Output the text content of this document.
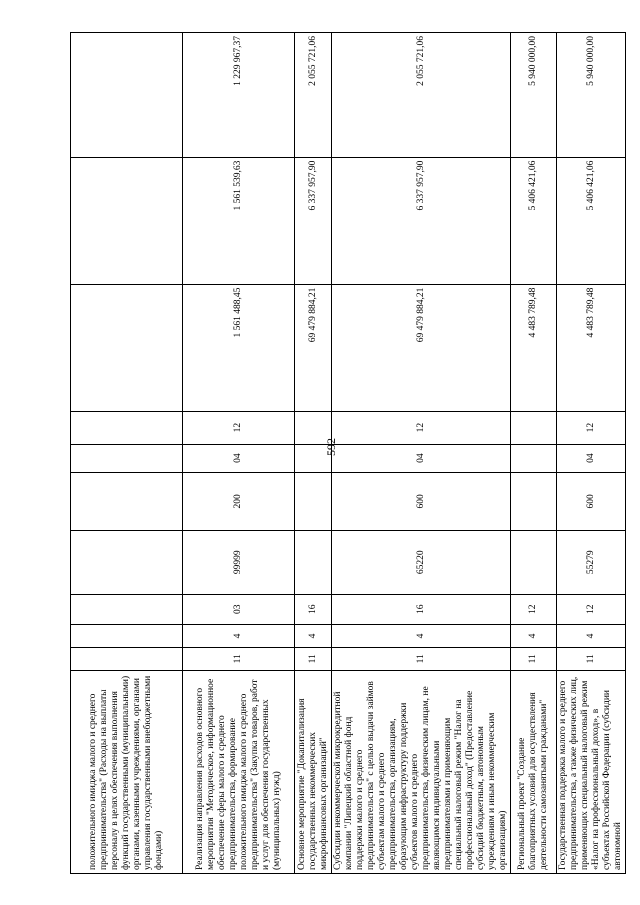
592
положительного имиджа малого и среднего предпринимательства" (Расходы на выплаты персоналу в целях обеспечения выполнения функций государственными (муниципальными) органами, казенными учреждениями, органами управления государственными внебюджетными фондами)										
Реализация направления расходов основного мероприятия "Методическое, информационное обеспечение сферы малого и среднего предпринимательства, формирование положительного имиджа малого и среднего предпринимательства" (Закупка товаров, работ и услуг для обеспечения государственных (муниципальных) нужд)	11	4	03	99999	200	04	12	1 561 488,45	1 561 539,63	1 229 967,37
Основное мероприятие "Докапитализация государственных некоммерческих микрофинансовых организаций"	11	4	16					69 479 884,21	6 337 957,90	2 055 721,06
Субсидии некоммерческой микрокредитной компании "Липецкий областной фонд поддержки малого и среднего предпринимательства" с целью выдачи займов субъектам малого и среднего предпринимательства, организациям, образующим инфраструктуру поддержки субъектов малого и среднего предпринимательства, физическим лицам, не являющимся индивидуальными предпринимателями и применяющим специальный налоговый режим "Налог на профессиональный доход" (Предоставление субсидий бюджетным, автономным учреждениям и иным некоммерческим организациям)	11	4	16	65220	600	04	12	69 479 884,21	6 337 957,90	2 055 721,06
Региональный проект "Создание благоприятных условий для осуществления деятельности самозанятыми гражданами"	11	4	12					4 483 789,48	5 406 421,06	5 940 000,00
Государственная поддержка малого и среднего предпринимательства, а также физических лиц, применяющих специальный налоговый режим «Налог на профессиональный доход», в субъектах Российской Федерации (субсидии автономной	11	4	12	55279	600	04	12	4 483 789,48	5 406 421,06	5 940 000,00
